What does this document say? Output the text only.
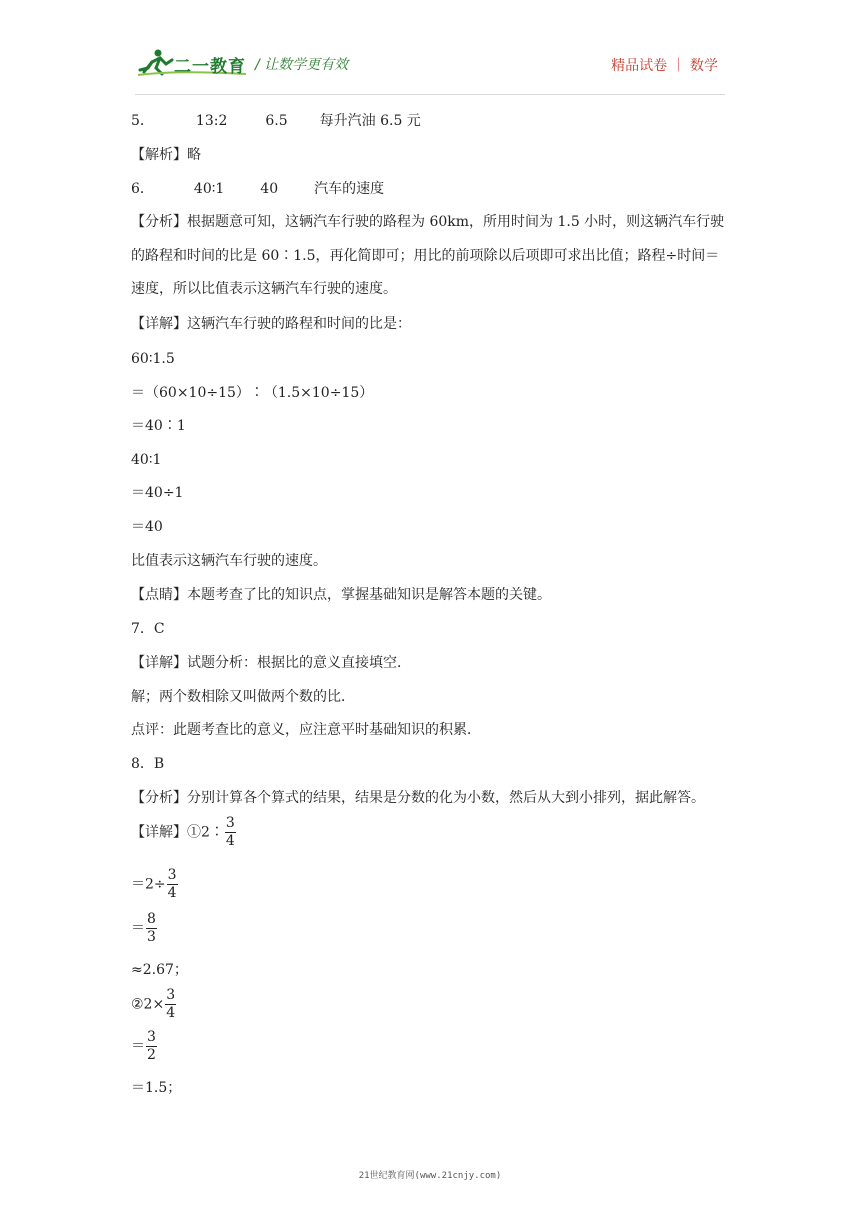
二一教育 / 让数学更有效	精品试卷 ｜ 数学
5．	13:2	6.5 每升汽油 6.5 元
【解析】略
6．	40∶1	40	汽车的速度
【分析】根据题意可知，这辆汽车行驶的路程为 60km，所用时间为 1.5 小时，则这辆汽车行驶的路程和时间的比是 60∶1.5，再化简即可；用比的前项除以后项即可求出比值；路程÷时间＝速度，所以比值表示这辆汽车行驶的速度。
【详解】这辆汽车行驶的路程和时间的比是：
60∶1.5
＝（60×10÷15）∶（1.5×10÷15）
＝40∶1
40∶1
＝40÷1
＝40
比值表示这辆汽车行驶的速度。
【点睛】本题考查了比的知识点，掌握基础知识是解答本题的关键。
7．C
【详解】试题分析：根据比的意义直接填空．
解；两个数相除又叫做两个数的比．
点评：此题考查比的意义，应注意平时基础知识的积累．
8．B
【分析】分别计算各个算式的结果，结果是分数的化为小数，然后从大到小排列，据此解答。
【详解】①2∶ $\frac{3}{4}$
$=2\div \frac{3}{4}$
＝ $\frac{8}{3}$
≈2.67；
②2× $\frac{3}{4}$
＝ $\frac{3}{2}$
＝1.5；
21世纪教育网(www.21cnjy.com)
